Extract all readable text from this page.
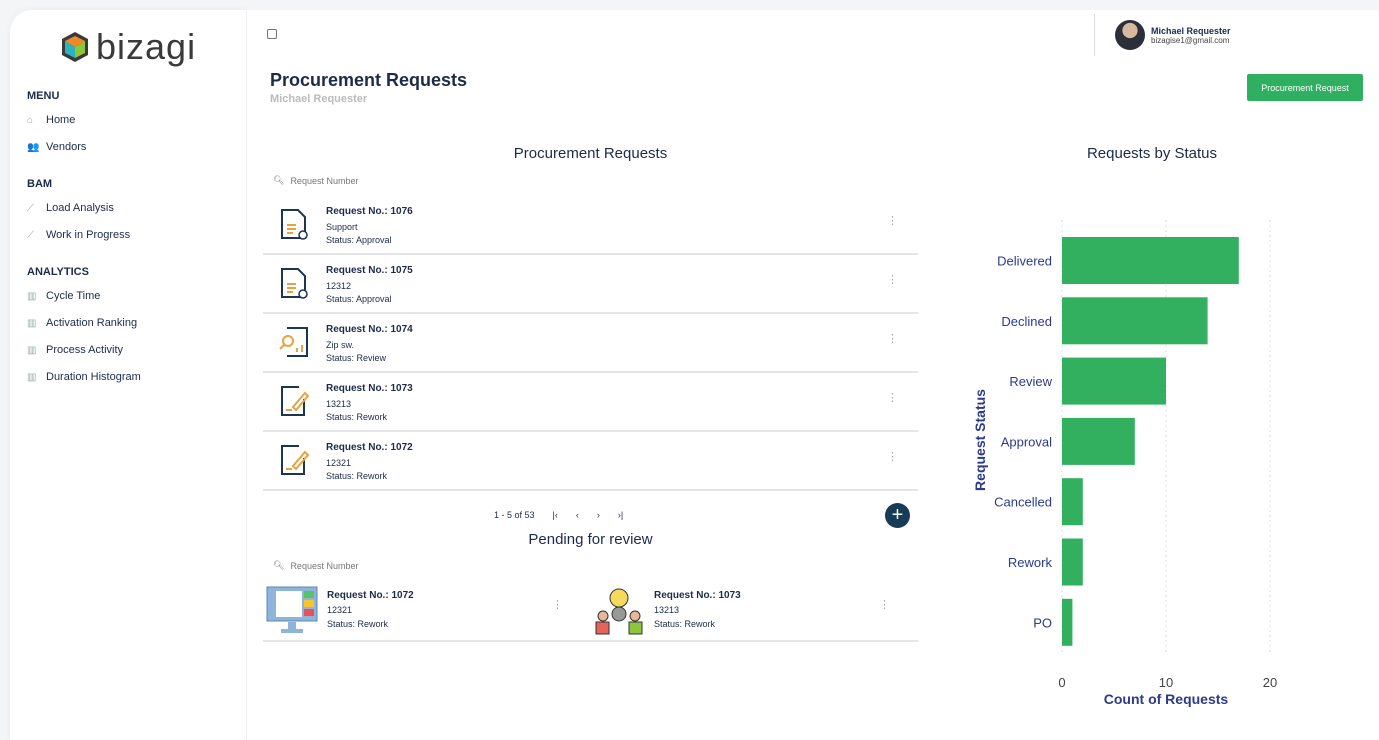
bizagi
MENU
⌂	Home
👥 Vendors
BAM
⟋	Load Analysis
⟋	Work in Progress
ANALYTICS
▥ Cycle Time
▥ Activation Ranking
▥ Process Activity
▥ Duration Histogram
Procurement Requests
Michael Requester
Michael Requester
bizagise1@gmail.com
Procurement Request
Procurement Requests
🔍︎ Request Number
Request No.: 1076
Support
Status: Approval
⋮
Request No.: 1075
12312
Status: Approval
⋮
Request No.: 1074
Zip sw.
Status: Review
⋮
Request No.: 1073
13213
Status: Rework
⋮
Request No.: 1072
12321
Status: Rework
⋮
1 - 5 of 53 |‹ ‹ › ›|	+
Pending for review
🔍︎ Request Number
Request No.: 1072
12321
Status: Rework
⋮
Request No.: 1073
13213
Status: Rework
⋮
Requests by Status
0	10	20
Delivered
Declined
Review
Approval
Cancelled
Rework
PO
Count of Requests
Request Status
